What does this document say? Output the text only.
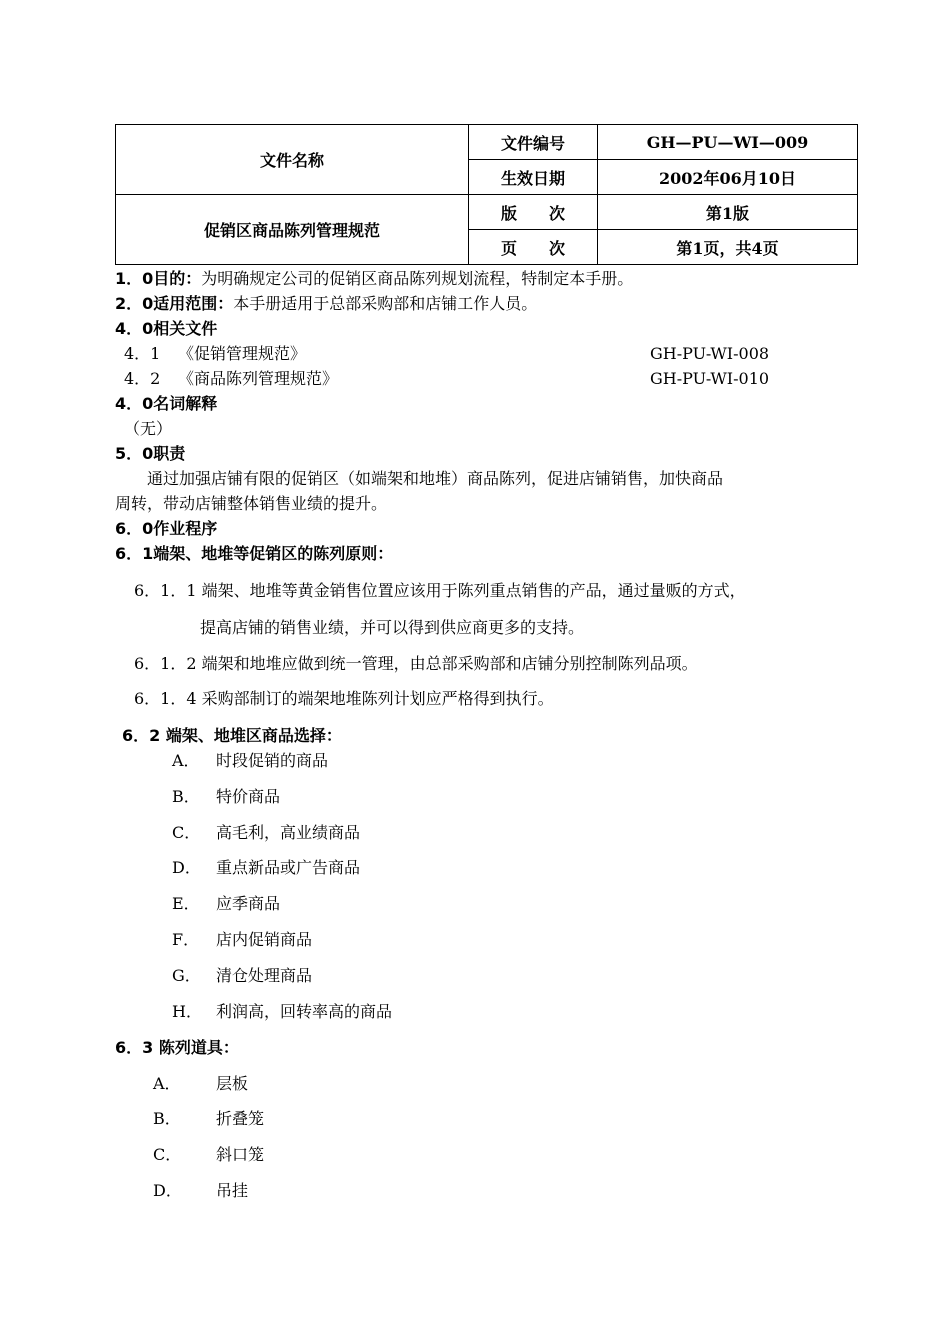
文件名称	文件编号	GH—PU—WI—009
	生效日期	2002年06月10日
促销区商品陈列管理规范	版　　次	第1版
	页　　次	第1页，共4页
1．0目的：为明确规定公司的促销区商品陈列规划流程，特制定本手册。
2．0适用范围：本手册适用于总部采购部和店铺工作人员。
4．0相关文件
4．1 《促销管理规范》	GH-PU-WI-008
4．2 《商品陈列管理规范》	GH-PU-WI-010
4．0名词解释
（无）
5．0职责
通过加强店铺有限的促销区（如端架和地堆）商品陈列，促进店铺销售，加快商品
周转，带动店铺整体销售业绩的提升。
6．0作业程序
6．1端架、地堆等促销区的陈列原则：
6．1．1 端架、地堆等黄金销售位置应该用于陈列重点销售的产品，通过量贩的方式，
提高店铺的销售业绩，并可以得到供应商更多的支持。
6．1．2 端架和地堆应做到统一管理，由总部采购部和店铺分别控制陈列品项。
6．1．4 采购部制订的端架地堆陈列计划应严格得到执行。
6．2 端架、地堆区商品选择：
A． 时段促销的商品
B． 特价商品
C． 高毛利，高业绩商品
D． 重点新品或广告商品
E． 应季商品
F． 店内促销商品
G． 清仓处理商品
H． 利润高，回转率高的商品
6．3 陈列道具：
A． 层板
B． 折叠笼
C． 斜口笼
D． 吊挂
